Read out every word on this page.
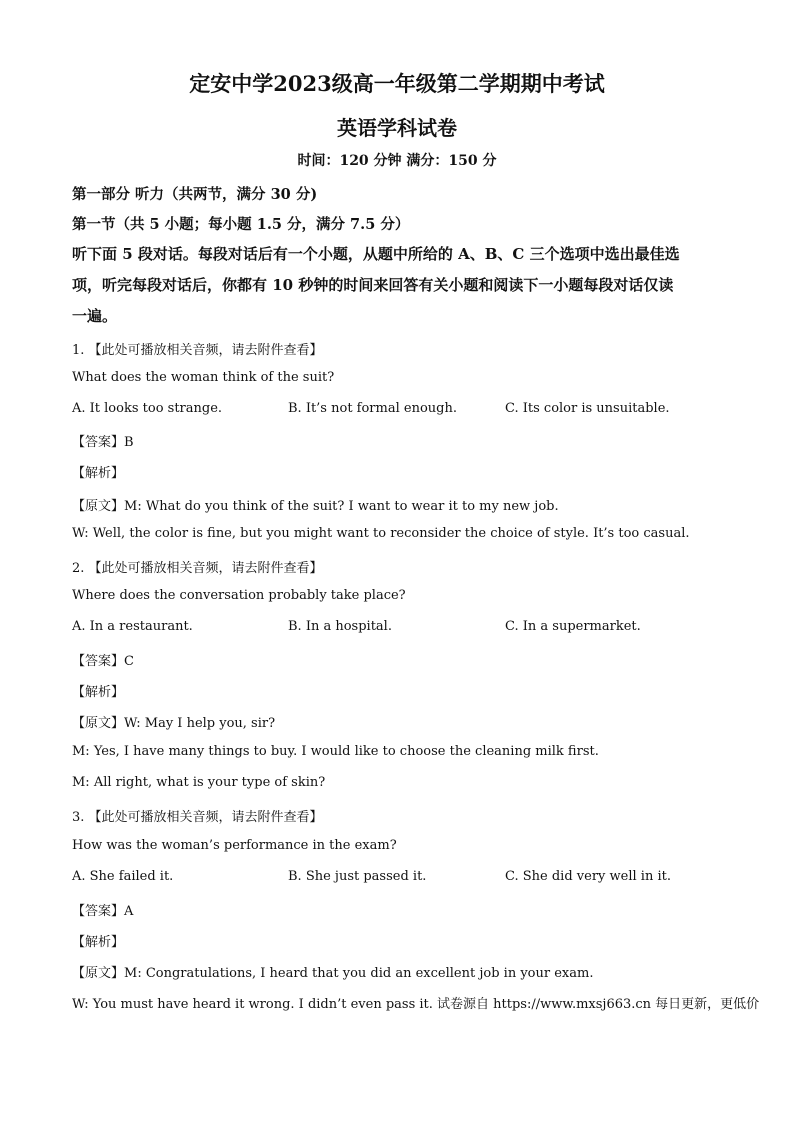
定安中学2023级高一年级第二学期期中考试
英语学科试卷
时间：120 分钟 满分：150 分
第一部分 听力（共两节，满分 30 分)
第一节（共 5 小题；每小题 1.5 分，满分 7.5 分）
听下面 5 段对话。每段对话后有一个小题，从题中所给的 A、B、C 三个选项中选出最佳选
项，听完每段对话后，你都有 10 秒钟的时间来回答有关小题和阅读下一小题每段对话仅读
一遍。
1. 【此处可播放相关音频，请去附件查看】
What does the woman think of the suit?
A. It looks too strange.	B. It’s not formal enough.	C. Its color is unsuitable.
【答案】B
【解析】
【原文】M: What do you think of the suit? I want to wear it to my new job.
W: Well, the color is fine, but you might want to reconsider the choice of style. It’s too casual.
2. 【此处可播放相关音频，请去附件查看】
Where does the conversation probably take place?
A. In a restaurant.	B. In a hospital.	C. In a supermarket.
【答案】C
【解析】
【原文】W: May I help you, sir?
M: Yes, I have many things to buy. I would like to choose the cleaning milk first.
M: All right, what is your type of skin?
3. 【此处可播放相关音频，请去附件查看】
How was the woman’s performance in the exam?
A. She failed it.	B. She just passed it.	C. She did very well in it.
【答案】A
【解析】
【原文】M: Congratulations, I heard that you did an excellent job in your exam.
W: You must have heard it wrong. I didn’t even pass it. 试卷源自 https://www.mxsj663.cn 每日更新，更低价
